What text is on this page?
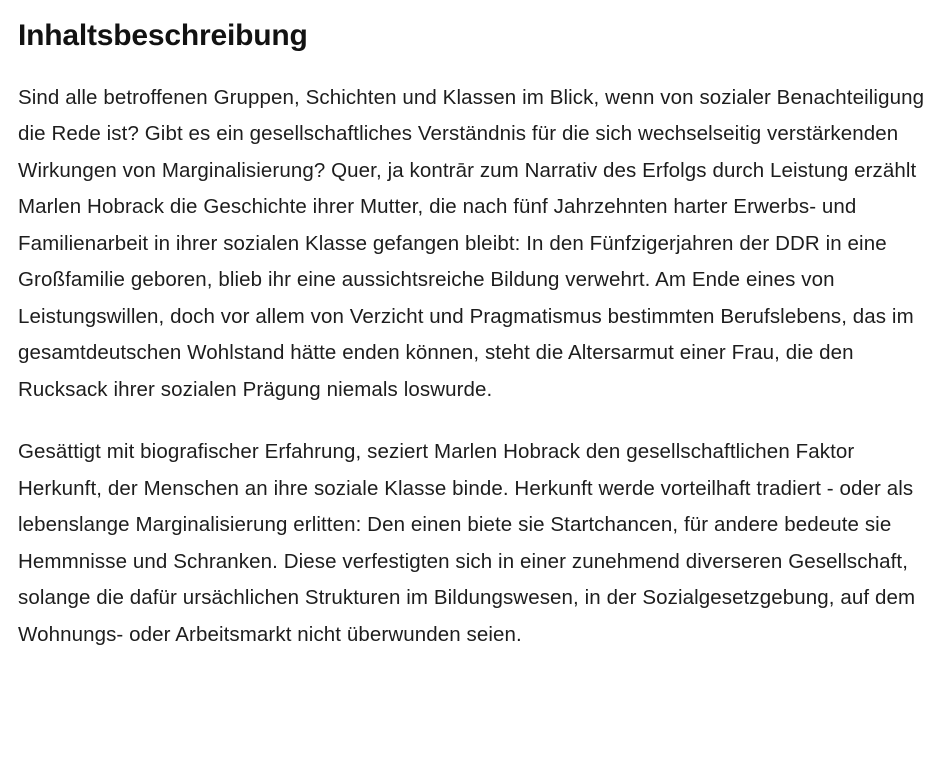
Inhaltsbeschreibung

Sind alle betroffenen Gruppen, Schichten und Klassen im Blick, wenn von sozialer Benachteiligung die Rede ist? Gibt es ein gesellschaftliches Verständnis für die sich wechselseitig verstärkenden Wirkungen von Marginalisierung? Quer, ja kontrār zum Narrativ des Erfolgs durch Leistung erzählt Marlen Hobrack die Geschichte ihrer Mutter, die nach fünf Jahrzehnten harter Erwerbs- und Familienarbeit in ihrer sozialen Klasse gefangen bleibt: In den Fünfzigerjahren der DDR in eine Großfamilie geboren, blieb ihr eine aussichtsreiche Bildung verwehrt. Am Ende eines von Leistungswillen, doch vor allem von Verzicht und Pragmatismus bestimmten Berufslebens, das im gesamtdeutschen Wohlstand hätte enden können, steht die Altersarmut einer Frau, die den Rucksack ihrer sozialen Prägung niemals loswurde.

Gesättigt mit biografischer Erfahrung, seziert Marlen Hobrack den gesellschaftlichen Faktor Herkunft, der Menschen an ihre soziale Klasse binde. Herkunft werde vorteilhaft tradiert - oder als lebenslange Marginalisierung erlitten: Den einen biete sie Startchancen, für andere bedeute sie Hemmnisse und Schranken. Diese verfestigten sich in einer zunehmend diverseren Gesellschaft, solange die dafür ursächlichen Strukturen im Bildungswesen, in der Sozialgesetzgebung, auf dem Wohnungs- oder Arbeitsmarkt nicht überwunden seien.
